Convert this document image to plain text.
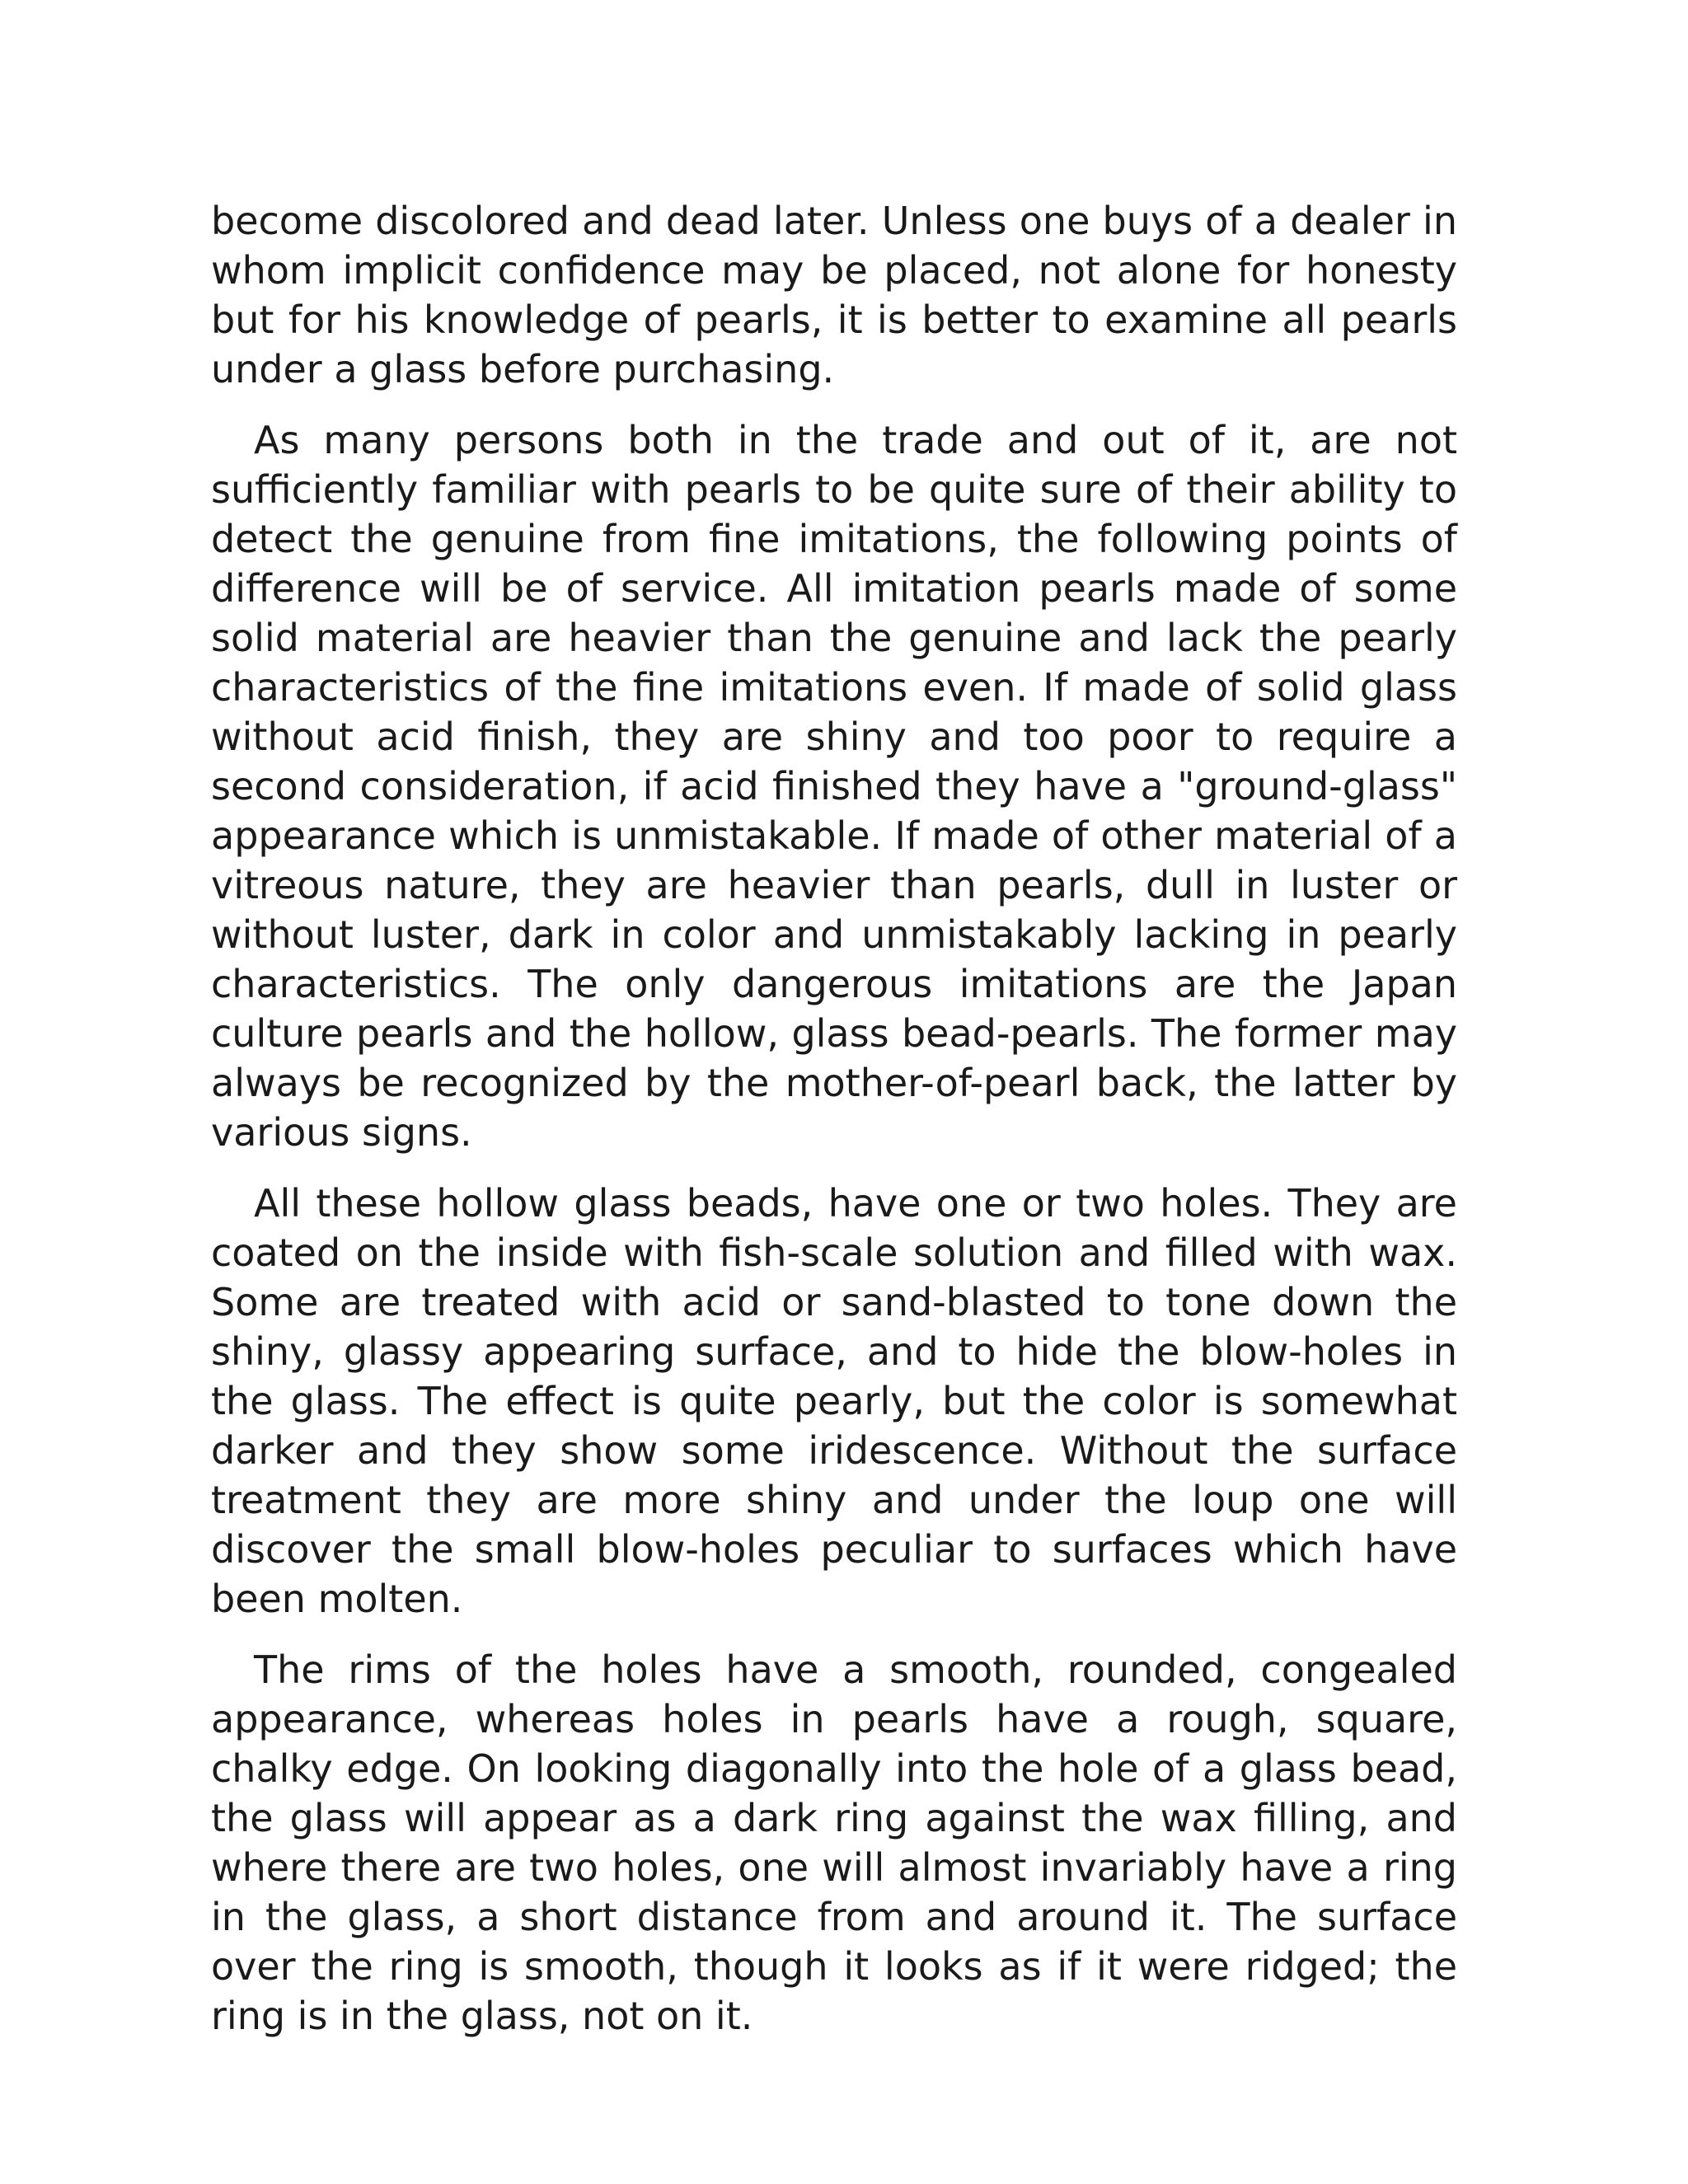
become discolored and dead later. Unless one buys of a dealer in whom implicit confidence may be placed, not alone for honesty but for his knowledge of pearls, it is better to examine all pearls under a glass before purchasing.

As many persons both in the trade and out of it, are not sufficiently familiar with pearls to be quite sure of their ability to detect the genuine from fine imitations, the following points of difference will be of service. All imitation pearls made of some solid material are heavier than the genuine and lack the pearly characteristics of the fine imitations even. If made of solid glass without acid finish, they are shiny and too poor to require a second consideration, if acid finished they have a "ground-glass" appearance which is unmistakable. If made of other material of a vitreous nature, they are heavier than pearls, dull in luster or without luster, dark in color and unmistakably lacking in pearly characteristics. The only dangerous imitations are the Japan culture pearls and the hollow, glass bead-pearls. The former may always be recognized by the mother-of-pearl back, the latter by various signs.

All these hollow glass beads, have one or two holes. They are coated on the inside with fish-scale solution and filled with wax. Some are treated with acid or sand-blasted to tone down the shiny, glassy appearing surface, and to hide the blow-holes in the glass. The effect is quite pearly, but the color is somewhat darker and they show some iridescence. Without the surface treatment they are more shiny and under the loup one will discover the small blow-holes peculiar to surfaces which have been molten.

The rims of the holes have a smooth, rounded, congealed appearance, whereas holes in pearls have a rough, square, chalky edge. On looking diagonally into the hole of a glass bead, the glass will appear as a dark ring against the wax filling, and where there are two holes, one will almost invariably have a ring in the glass, a short distance from and around it. The surface over the ring is smooth, though it looks as if it were ridged; the ring is in the glass, not on it.
